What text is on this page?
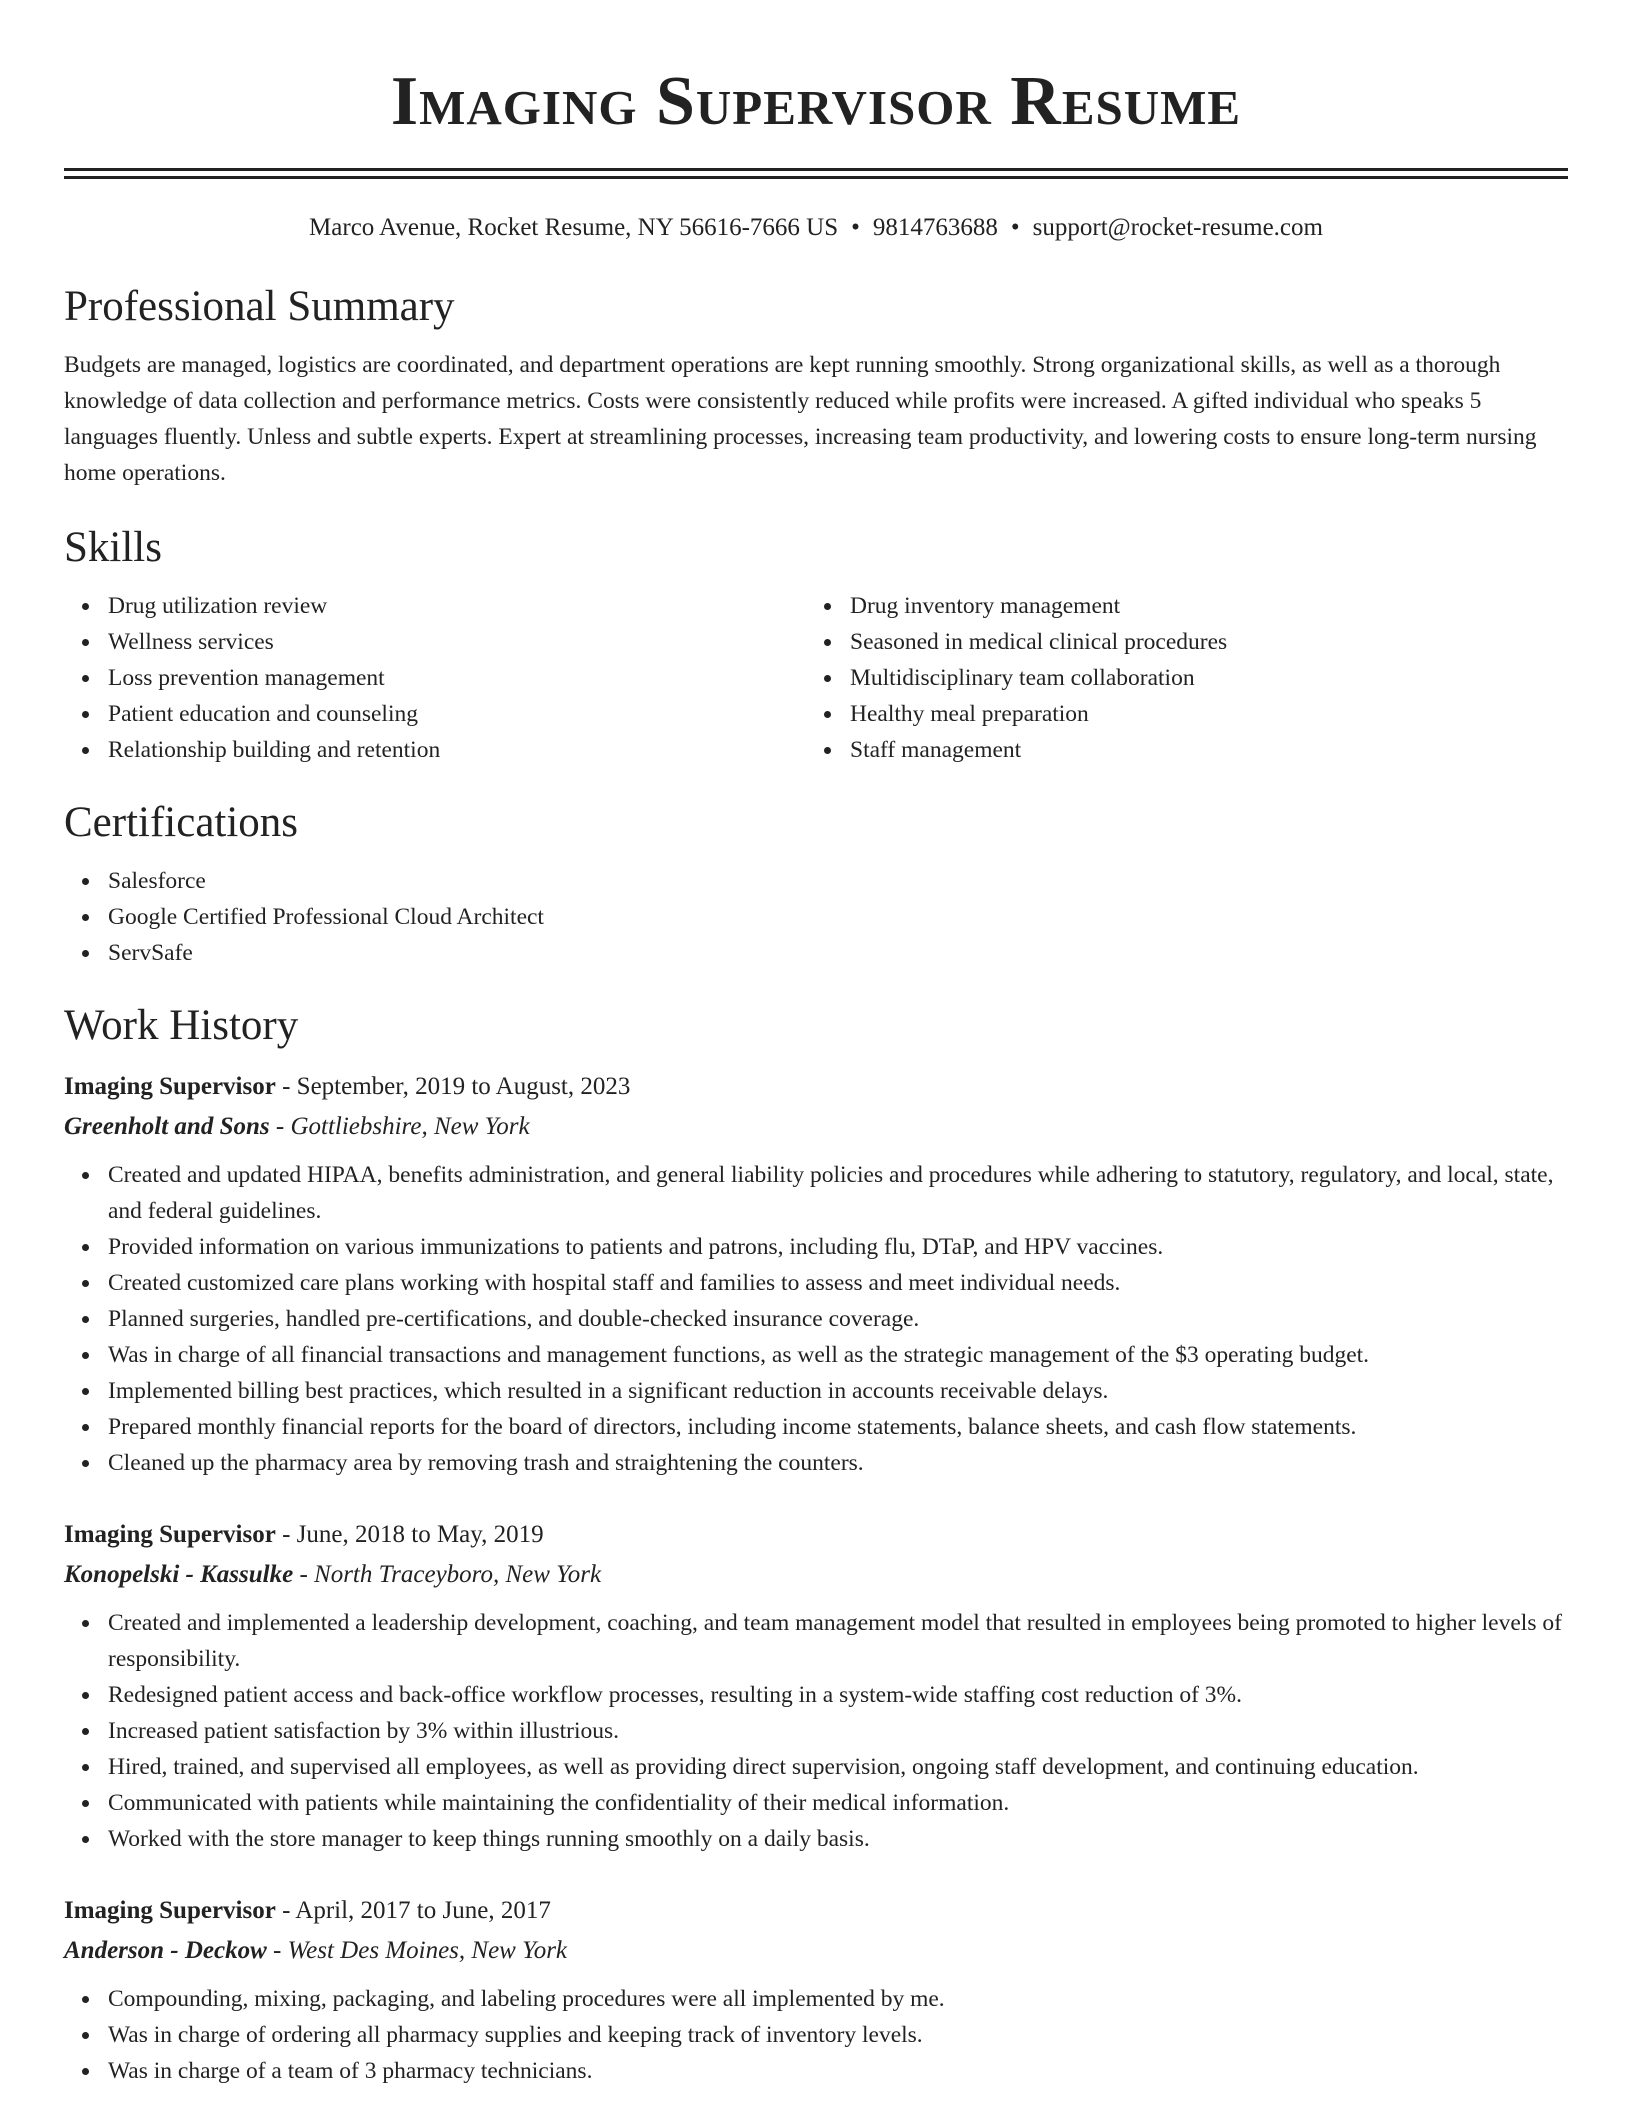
Imaging Supervisor Resume
Marco Avenue, Rocket Resume, NY 56616-7666 US • 9814763688 • support@rocket-resume.com
Professional Summary

Budgets are managed, logistics are coordinated, and department operations are kept running smoothly. Strong organizational skills, as well as a thorough knowledge of data collection and performance metrics. Costs were consistently reduced while profits were increased. A gifted individual who speaks 5 languages fluently. Unless and subtle experts. Expert at streamlining processes, increasing team productivity, and lowering costs to ensure long-term nursing home operations.

Skills
Drug utilization review
Wellness services
Loss prevention management
Patient education and counseling
Relationship building and retention
Drug inventory management
Seasoned in medical clinical procedures
Multidisciplinary team collaboration
Healthy meal preparation
Staff management
Certifications
Salesforce
Google Certified Professional Cloud Architect
ServSafe
Work History
Imaging Supervisor - September, 2019 to August, 2023
Greenholt and Sons - Gottliebshire, New York
Created and updated HIPAA, benefits administration, and general liability policies and procedures while adhering to statutory, regulatory, and local, state, and federal guidelines.
Provided information on various immunizations to patients and patrons, including flu, DTaP, and HPV vaccines.
Created customized care plans working with hospital staff and families to assess and meet individual needs.
Planned surgeries, handled pre-certifications, and double-checked insurance coverage.
Was in charge of all financial transactions and management functions, as well as the strategic management of the $3 operating budget.
Implemented billing best practices, which resulted in a significant reduction in accounts receivable delays.
Prepared monthly financial reports for the board of directors, including income statements, balance sheets, and cash flow statements.
Cleaned up the pharmacy area by removing trash and straightening the counters.
Imaging Supervisor - June, 2018 to May, 2019
Konopelski - Kassulke - North Traceyboro, New York
Created and implemented a leadership development, coaching, and team management model that resulted in employees being promoted to higher levels of responsibility.
Redesigned patient access and back-office workflow processes, resulting in a system-wide staffing cost reduction of 3%.
Increased patient satisfaction by 3% within illustrious.
Hired, trained, and supervised all employees, as well as providing direct supervision, ongoing staff development, and continuing education.
Communicated with patients while maintaining the confidentiality of their medical information.
Worked with the store manager to keep things running smoothly on a daily basis.
Imaging Supervisor - April, 2017 to June, 2017
Anderson - Deckow - West Des Moines, New York
Compounding, mixing, packaging, and labeling procedures were all implemented by me.
Was in charge of ordering all pharmacy supplies and keeping track of inventory levels.
Was in charge of a team of 3 pharmacy technicians.
